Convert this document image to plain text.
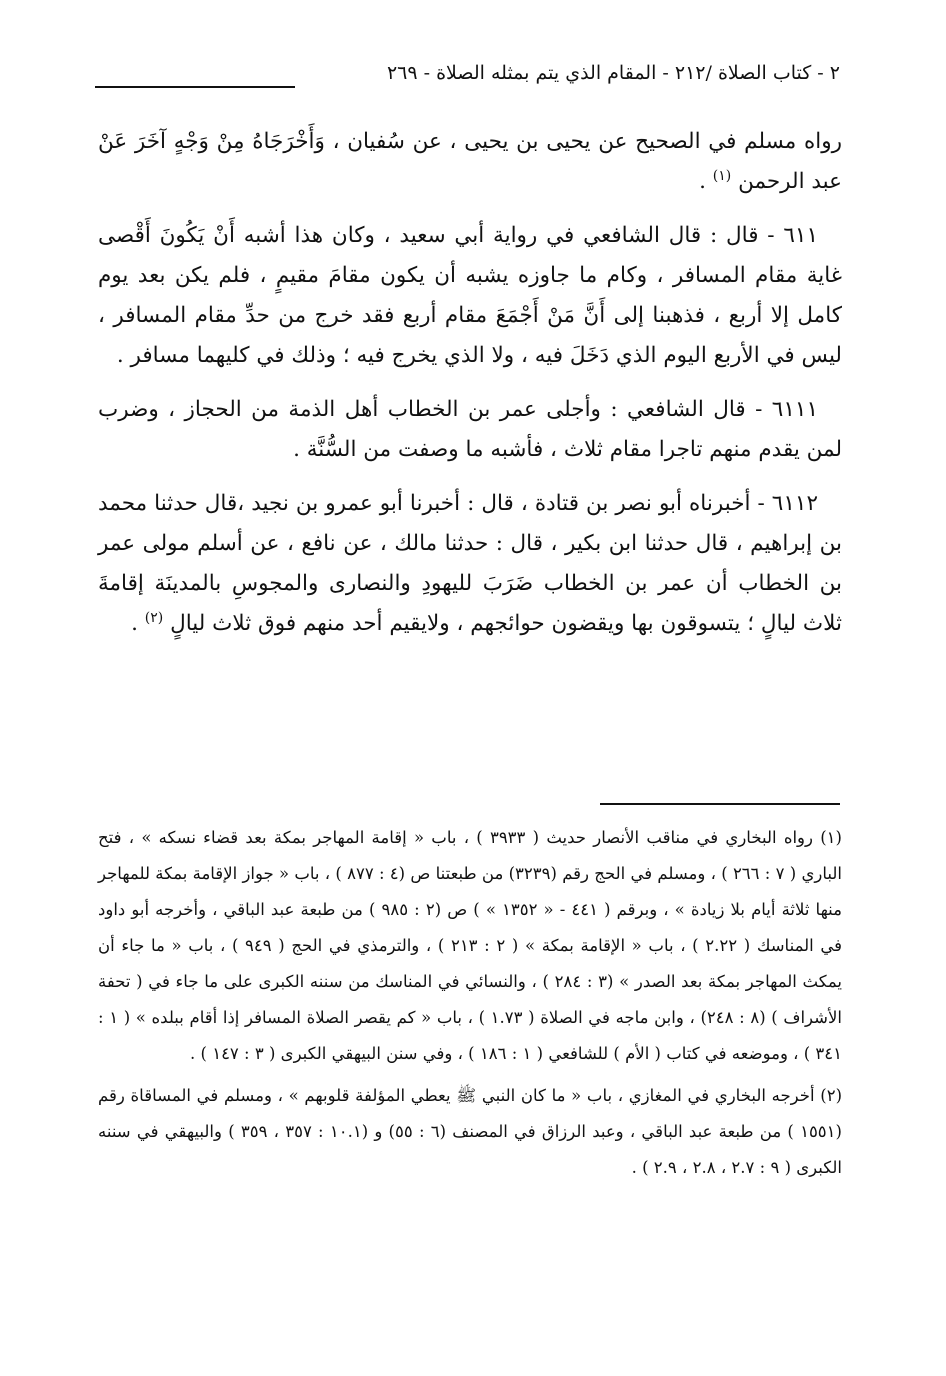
٢ - كتاب الصلاة /٢١٢ - المقام الذي يتم بمثله الصلاة - ٢٦٩

رواه مسلم في الصحيح عن يحيى بن يحيى ، عن سُفيان ، وَأَخْرَجَاهُ مِنْ وَجْهٍ آخَرَ عَنْ عبد الرحمن $^{(١)}$ .

٦١١ - قال : قال الشافعي في رواية أبي سعيد ، وكان هذا أشبه أَنْ يَكُونَ أَقْصى غاية مقام المسافر ، وكام ما جاوزه يشبه أن يكون مقامَ مقيمٍ ، فلم يكن بعد يوم كامل إلا أربع ، فذهبنا إلى أَنَّ مَنْ أَجْمَعَ مقام أربع فقد خرج من حدِّ مقام المسافر ، ليس في الأربع اليوم الذي دَخَلَ فيه ، ولا الذي يخرج فيه ؛ وذلك في كليهما مسافر .

٦١١١ - قال الشافعي : وأجلى عمر بن الخطاب أهل الذمة من الحجاز ، وضرب لمن يقدم منهم تاجرا مقام ثلاث ، فأشبه ما وصفت من السُّنَّة .

٦١١٢ - أخبرناه أبو نصر بن قتادة ، قال : أخبرنا أبو عمرو بن نجيد ،قال حدثنا محمد بن إبراهيم ، قال حدثنا ابن بكير ، قال : حدثنا مالك ، عن نافع ، عن أسلم مولى عمر بن الخطاب أن عمر بن الخطاب ضَرَبَ لليهودِ والنصارى والمجوسِ بالمدينَة إقامةَ ثلاث ليالٍ ؛ يتسوقون بها ويقضون حوائجهم ، ولايقيم أحد منهم فوق ثلاث ليالٍ $^{(٢)}$ .

(١) رواه البخاري في مناقب الأنصار حديث ( ٣٩٣٣ ) ، باب « إقامة المهاجر بمكة بعد قضاء نسكه » ، فتح الباري ( ٧ : ٢٦٦ ) ، ومسلم في الحج رقم (٣٢٣٩) من طبعتنا ص (٤ : ٨٧٧ ) ، باب « جواز الإقامة بمكة للمهاجر منها ثلاثة أيام بلا زيادة » ، وبرقم ( ٤٤١ - « ١٣٥٢ » ) ص (٢ : ٩٨٥ ) من طبعة عبد الباقي ، وأخرجه أبو داود في المناسك ( ٢.٢٢ ) ، باب « الإقامة بمكة » ( ٢ : ٢١٣ ) ، والترمذي في الحج ( ٩٤٩ ) ، باب « ما جاء أن يمكث المهاجر بمكة بعد الصدر » (٣ : ٢٨٤ ) ، والنسائي في المناسك من سننه الكبرى على ما جاء في ( تحفة الأشراف ) (٨ : ٢٤٨) ، وابن ماجه في الصلاة ( ١.٧٣ ) ، باب « كم يقصر الصلاة المسافر إذا أقام ببلده » ( ١ : ٣٤١ ) ، وموضعه في كتاب ( الأم ) للشافعي ( ١ : ١٨٦ ) ، وفي سنن البيهقي الكبرى ( ٣ : ١٤٧ ) .

(٢) أخرجه البخاري في المغازي ، باب « ما كان النبي ﷺ يعطي المؤلفة قلوبهم » ، ومسلم في المساقاة رقم (١٥٥١ ) من طبعة عبد الباقي ، وعبد الرزاق في المصنف (٦ : ٥٥) و (١٠.١ : ٣٥٧ ، ٣٥٩ ) والبيهقي في سننه الكبرى ( ٩ : ٢.٧ ، ٢.٨ ، ٢.٩ ) .
